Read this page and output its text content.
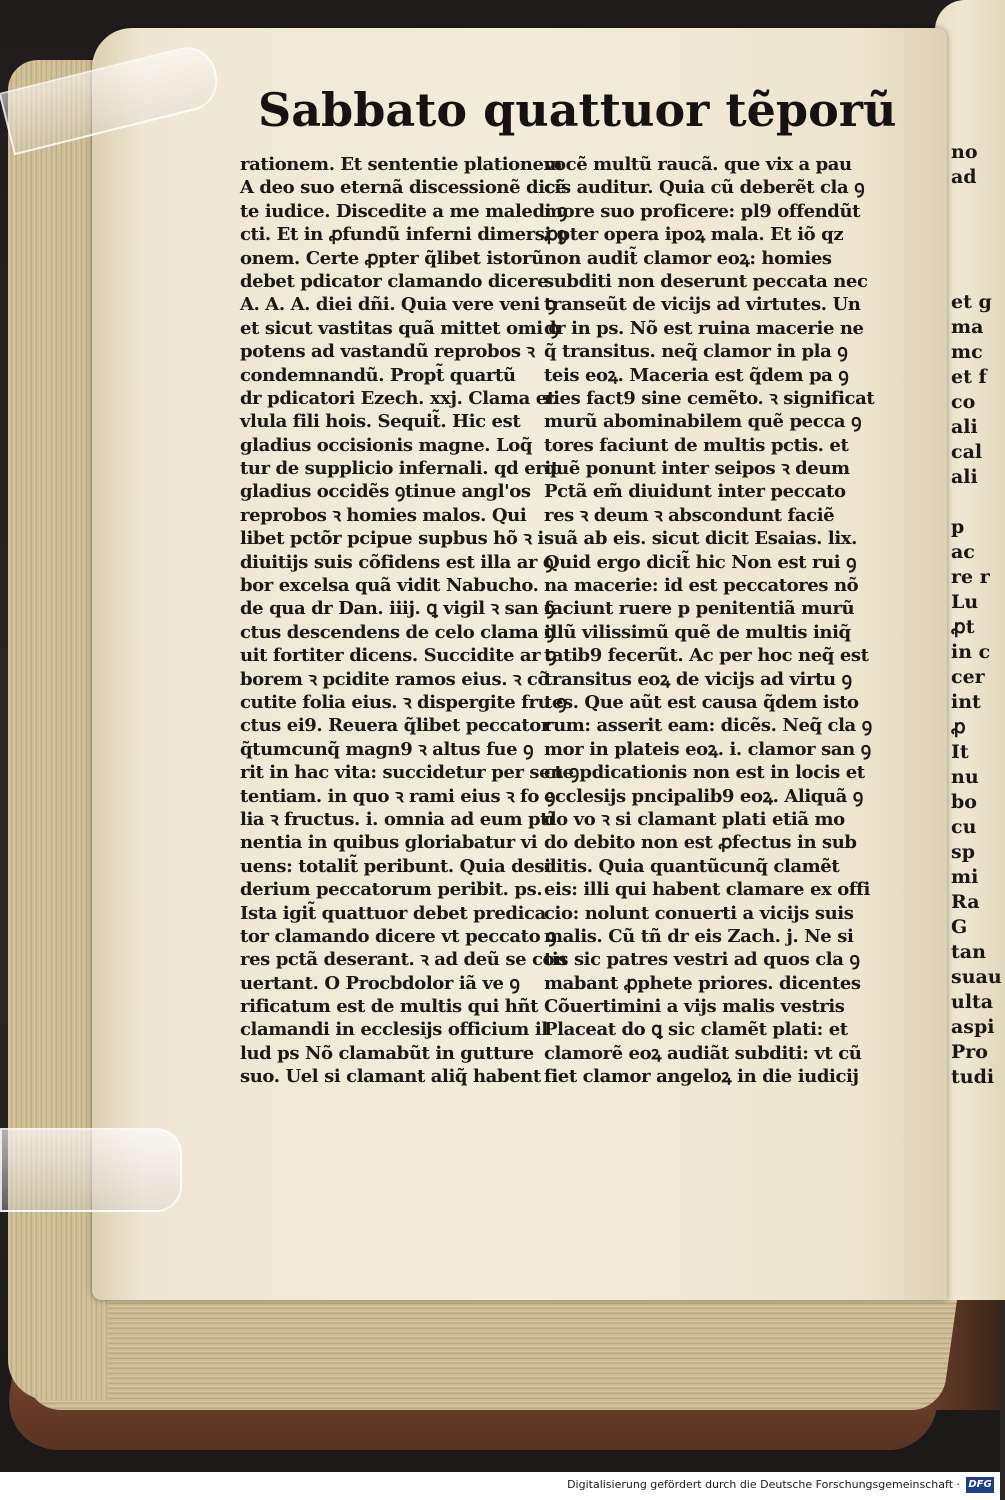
no
ad
et g
ma
mc
et f
co
ali
cal
ali
p
ac
re r
Lu
ꝓt
in c
cer
int
ꝓ
It
nu
bo
cu
sp
mi
Ra
G
tan
suau
ulta
aspi
Pro
tudi
Sabbato quattuor tẽporũ
rationem. Et sententie plationem
A deo suo eternã discessionẽ dicẽ
te iudice. Discedite a me maledi ꝯ
cti. Et in ꝓfundũ inferni dimersi ꝯ
onem. Certe ꝓpter q̃libet istorũ
debet pdicator clamando dicere
A. A. A. diei dñi. Quia vere veni ꝯ
et sicut vastitas quã mittet omi ꝯ
potens ad vastandũ reprobos ꝛ
condemnandũ. Propt̃ quartũ
dr pdicatori Ezech. xxj. Clama et
vlula fili hois. Sequit̃. Hic est
gladius occisionis magne. Loq̃
tur de supplicio infernali. qd erit
gladius occidẽs ꝯtinue angl'os
reprobos ꝛ homies malos. Qui
libet pctõr pcipue supbus hõ ꝛ i
diuitijs suis cõfidens est illa ar ꝯ
bor excelsa quã vidit Nabucho.
de qua dr Dan. iiij. ꝗ vigil ꝛ san ꝯ
ctus descendens de celo clama ꝯ
uit fortiter dicens. Succidite ar ꝯ
borem ꝛ pcidite ramos eius. ꝛ cõ
cutite folia eius. ꝛ dispergite fru ꝯ
ctus ei9. Reuera q̃libet peccator
q̃tumcunq̃ magn9 ꝛ altus fue ꝯ
rit in hac vita: succidetur per sen ꝯ
tentiam. in quo ꝛ rami eius ꝛ fo ꝯ
lia ꝛ fructus. i. omnia ad eum ptĩ
nentia in quibus gloriabatur vi
uens: totalit̃ peribunt. Quia desi
derium peccatorum peribit. ps.
Ista igit̃ quattuor debet predica
tor clamando dicere vt peccato ꝯ
res pctã deserant. ꝛ ad deũ se con
uertant. O Procbdolor iã ve ꝯ
rificatum est de multis qui hñt
clamandi in ecclesijs officium il
lud ps Nõ clamabũt in gutture
suo. Uel si clamant aliq̃ habent
vocẽ multũ raucã. que vix a pau
cis auditur. Quia cũ deberẽt cla ꝯ
more suo proficere: pl9 offendũt
ꝓpter opera ipoꝝ mala. Et iõ qz
non audit̃ clamor eoꝝ: homies
subditi non deserunt peccata nec
transeũt de vicijs ad virtutes. Un
dr in ps. Nõ est ruina macerie ne
q̃ transitus. neq̃ clamor in pla ꝯ
teis eoꝝ. Maceria est q̃dem pa ꝯ
ries fact9 sine cemẽto. ꝛ significat
murũ abominabilem quẽ pecca ꝯ
tores faciunt de multis pctis. et
quẽ ponunt inter seipos ꝛ deum
Pctã em̃ diuidunt inter peccato
res ꝛ deum ꝛ abscondunt faciẽ
suã ab eis. sicut dicit Esaias. lix.
Quid ergo dicit̃ hic Non est rui ꝯ
na macerie: id est peccatores nõ
faciunt ruere p penitentiã murũ
illũ vilissimũ quẽ de multis iniq̃
tatib9 fecerũt. Ac per hoc neq̃ est
transitus eoꝝ de vicijs ad virtu ꝯ
tes. Que aũt est causa q̃dem isto
rum: asserit eam: dicẽs. Neq̃ cla ꝯ
mor in plateis eoꝝ. i. clamor san ꝯ
cte pdicationis non est in locis et
ecclesijs pncipalib9 eoꝝ. Aliquã ꝯ
do vo ꝛ si clamant plati etiã mo
do debito non est ꝓfectus in sub
ditis. Quia quantũcunq̃ clamẽt
eis: illi qui habent clamare ex offi
cio: nolunt conuerti a vicijs suis
malis. Cũ tñ dr eis Zach. j. Ne si
tis sic patres vestri ad quos cla ꝯ
mabant ꝓphete priores. dicentes
Cõuertimini a vijs malis vestris
Placeat do ꝗ sic clamẽt plati: et
clamorẽ eoꝝ audiãt subditi: vt cũ
fiet clamor angeloꝝ in die iudicij
Digitalisierung gefördert durch die Deutsche Forschungsgemeinschaft · DFG
